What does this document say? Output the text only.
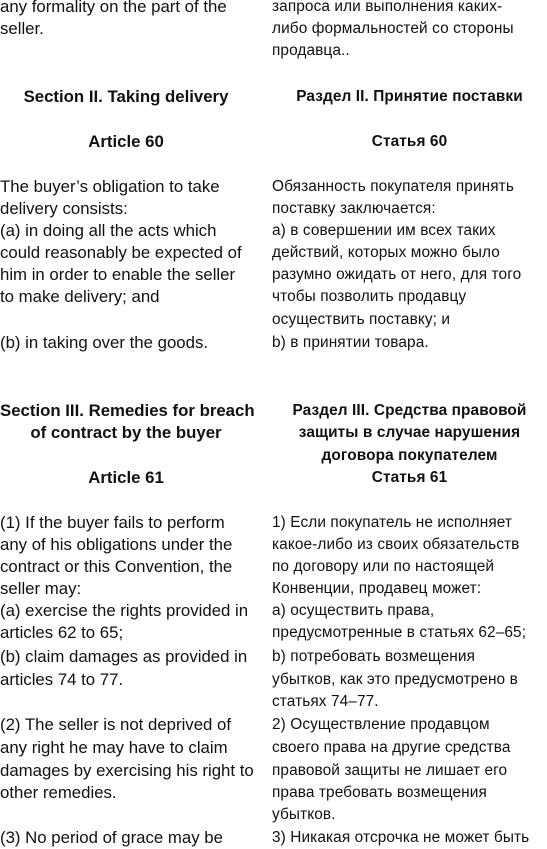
any formality on the part of the
seller.
Section II. Taking delivery
Article 60
The buyer’s obligation to take
delivery consists:
(a) in doing all the acts which
could reasonably be expected of
him in order to enable the seller
to make delivery; and
(b) in taking over the goods.
Section III. Remedies for breach
of contract by the buyer
Article 61
(1) If the buyer fails to perform
any of his obligations under the
contract or this Convention, the
seller may:
(a) exercise the rights provided in
articles 62 to 65;
(b) claim damages as provided in
articles 74 to 77.
(2) The seller is not deprived of
any right he may have to claim
damages by exercising his right to
other remedies.
(3) No period of grace may be
запроса или выполнения каких-
либо формальностей со стороны
продавца..
Раздел II. Принятие поставки
Статья 60
Обязанность покупателя принять
поставку заключается:
а) в совершении им всех таких
действий, которых можно было
разумно ожидать от него, для того
чтобы позволить продавцу
осуществить поставку; и
b) в принятии товара.
Раздел III. Средства правовой
защиты в случае нарушения
договора покупателем
Статья 61
1) Если покупатель не исполняет
какое-либо из своих обязательств
по договору или по настоящей
Конвенции, продавец может:
а) осуществить права,
предусмотренные в статьях 62–65;
b) потребовать возмещения
убытков, как это предусмотрено в
статьях 74–77.
2) Осуществление продавцом
своего права на другие средства
правовой защиты не лишает его
права требовать возмещения
убытков.
3) Никакая отсрочка не может быть
